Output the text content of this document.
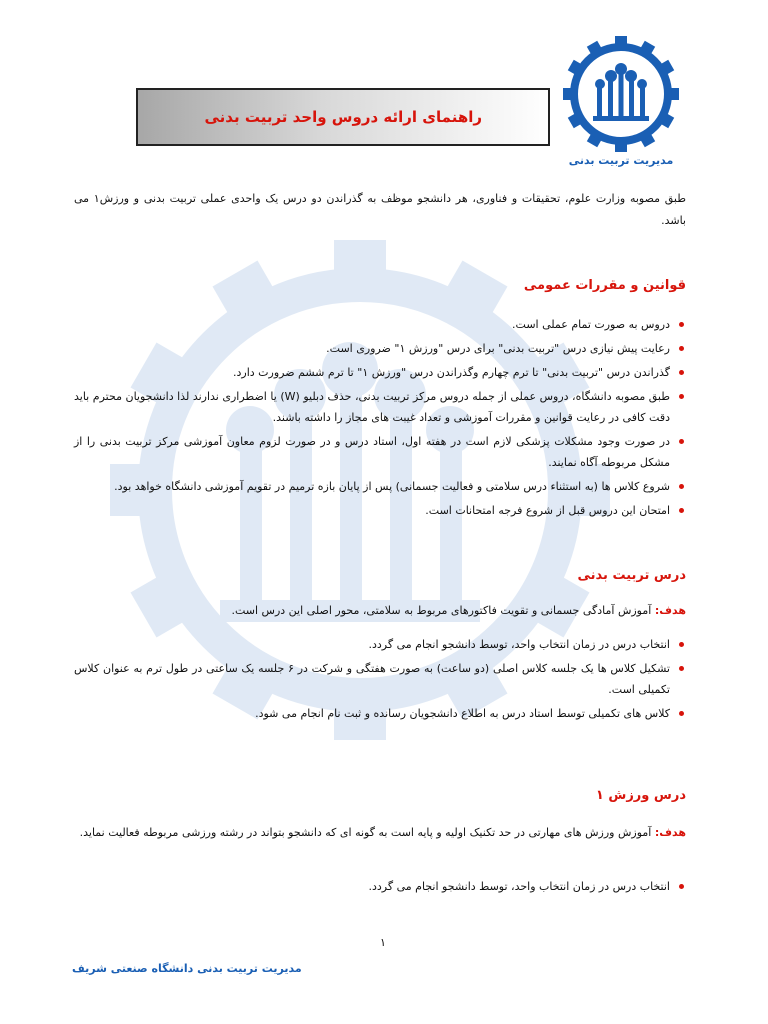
مدیریت تربیت بدنی
راهنمای ارائه دروس واحد تربیت بدنی
طبق مصوبه وزارت علوم، تحقیقات و فناوری، هر دانشجو موظف به گذراندن دو درس یک واحدی عملی تربیت بدنی و ورزش۱ می باشد.
قوانین و مقررات عمومی
دروس به صورت تمام عملی است.
رعایت پیش نیازی درس "تربیت بدنی" برای درس "ورزش ۱" ضروری است.
گذراندن درس "تربیت بدنی" تا ترم چهارم وگذراندن درس "ورزش ۱" تا ترم ششم ضرورت دارد.
طبق مصوبه دانشگاه، دروس عملی از جمله دروس مرکز تربیت بدنی، حذف دبلیو (W) یا اضطراری ندارند لذا دانشجویان محترم باید دقت کافی در رعایت قوانین و مقررات آموزشی و تعداد غیبت های مجاز را داشته باشند.
در صورت وجود مشکلات پزشکی لازم است در هفته اول، استاد درس و در صورت لزوم معاون آموزشی مرکز تربیت بدنی را از مشکل مربوطه آگاه نمایند.
شروع کلاس ها (به استثناء درس سلامتی و فعالیت جسمانی) پس از پایان بازه ترمیم در تقویم آموزشی دانشگاه خواهد بود.
امتحان این دروس قبل از شروع فرجه امتحانات است.
درس تربیت بدنی
هدف: آموزش آمادگی جسمانی و تقویت فاکتورهای مربوط به سلامتی، محور اصلی این درس است.
انتخاب درس در زمان انتخاب واحد، توسط دانشجو انجام می گردد.
تشکیل کلاس ها یک جلسه کلاس اصلی (دو ساعت) به صورت هفتگی و شرکت در ۶ جلسه یک ساعتی در طول ترم به عنوان کلاس تکمیلی است.
کلاس های تکمیلی توسط استاد درس به اطلاع دانشجویان رسانده و ثبت نام انجام می شود.
درس ورزش ۱
هدف: آموزش ورزش های مهارتی در حد تکنیک اولیه و پایه است به گونه ای که دانشجو بتواند در رشته ورزشی مربوطه فعالیت نماید.
انتخاب درس در زمان انتخاب واحد، توسط دانشجو انجام می گردد.
۱
مدیریت تربیت بدنی دانشگاه صنعتی شریف
